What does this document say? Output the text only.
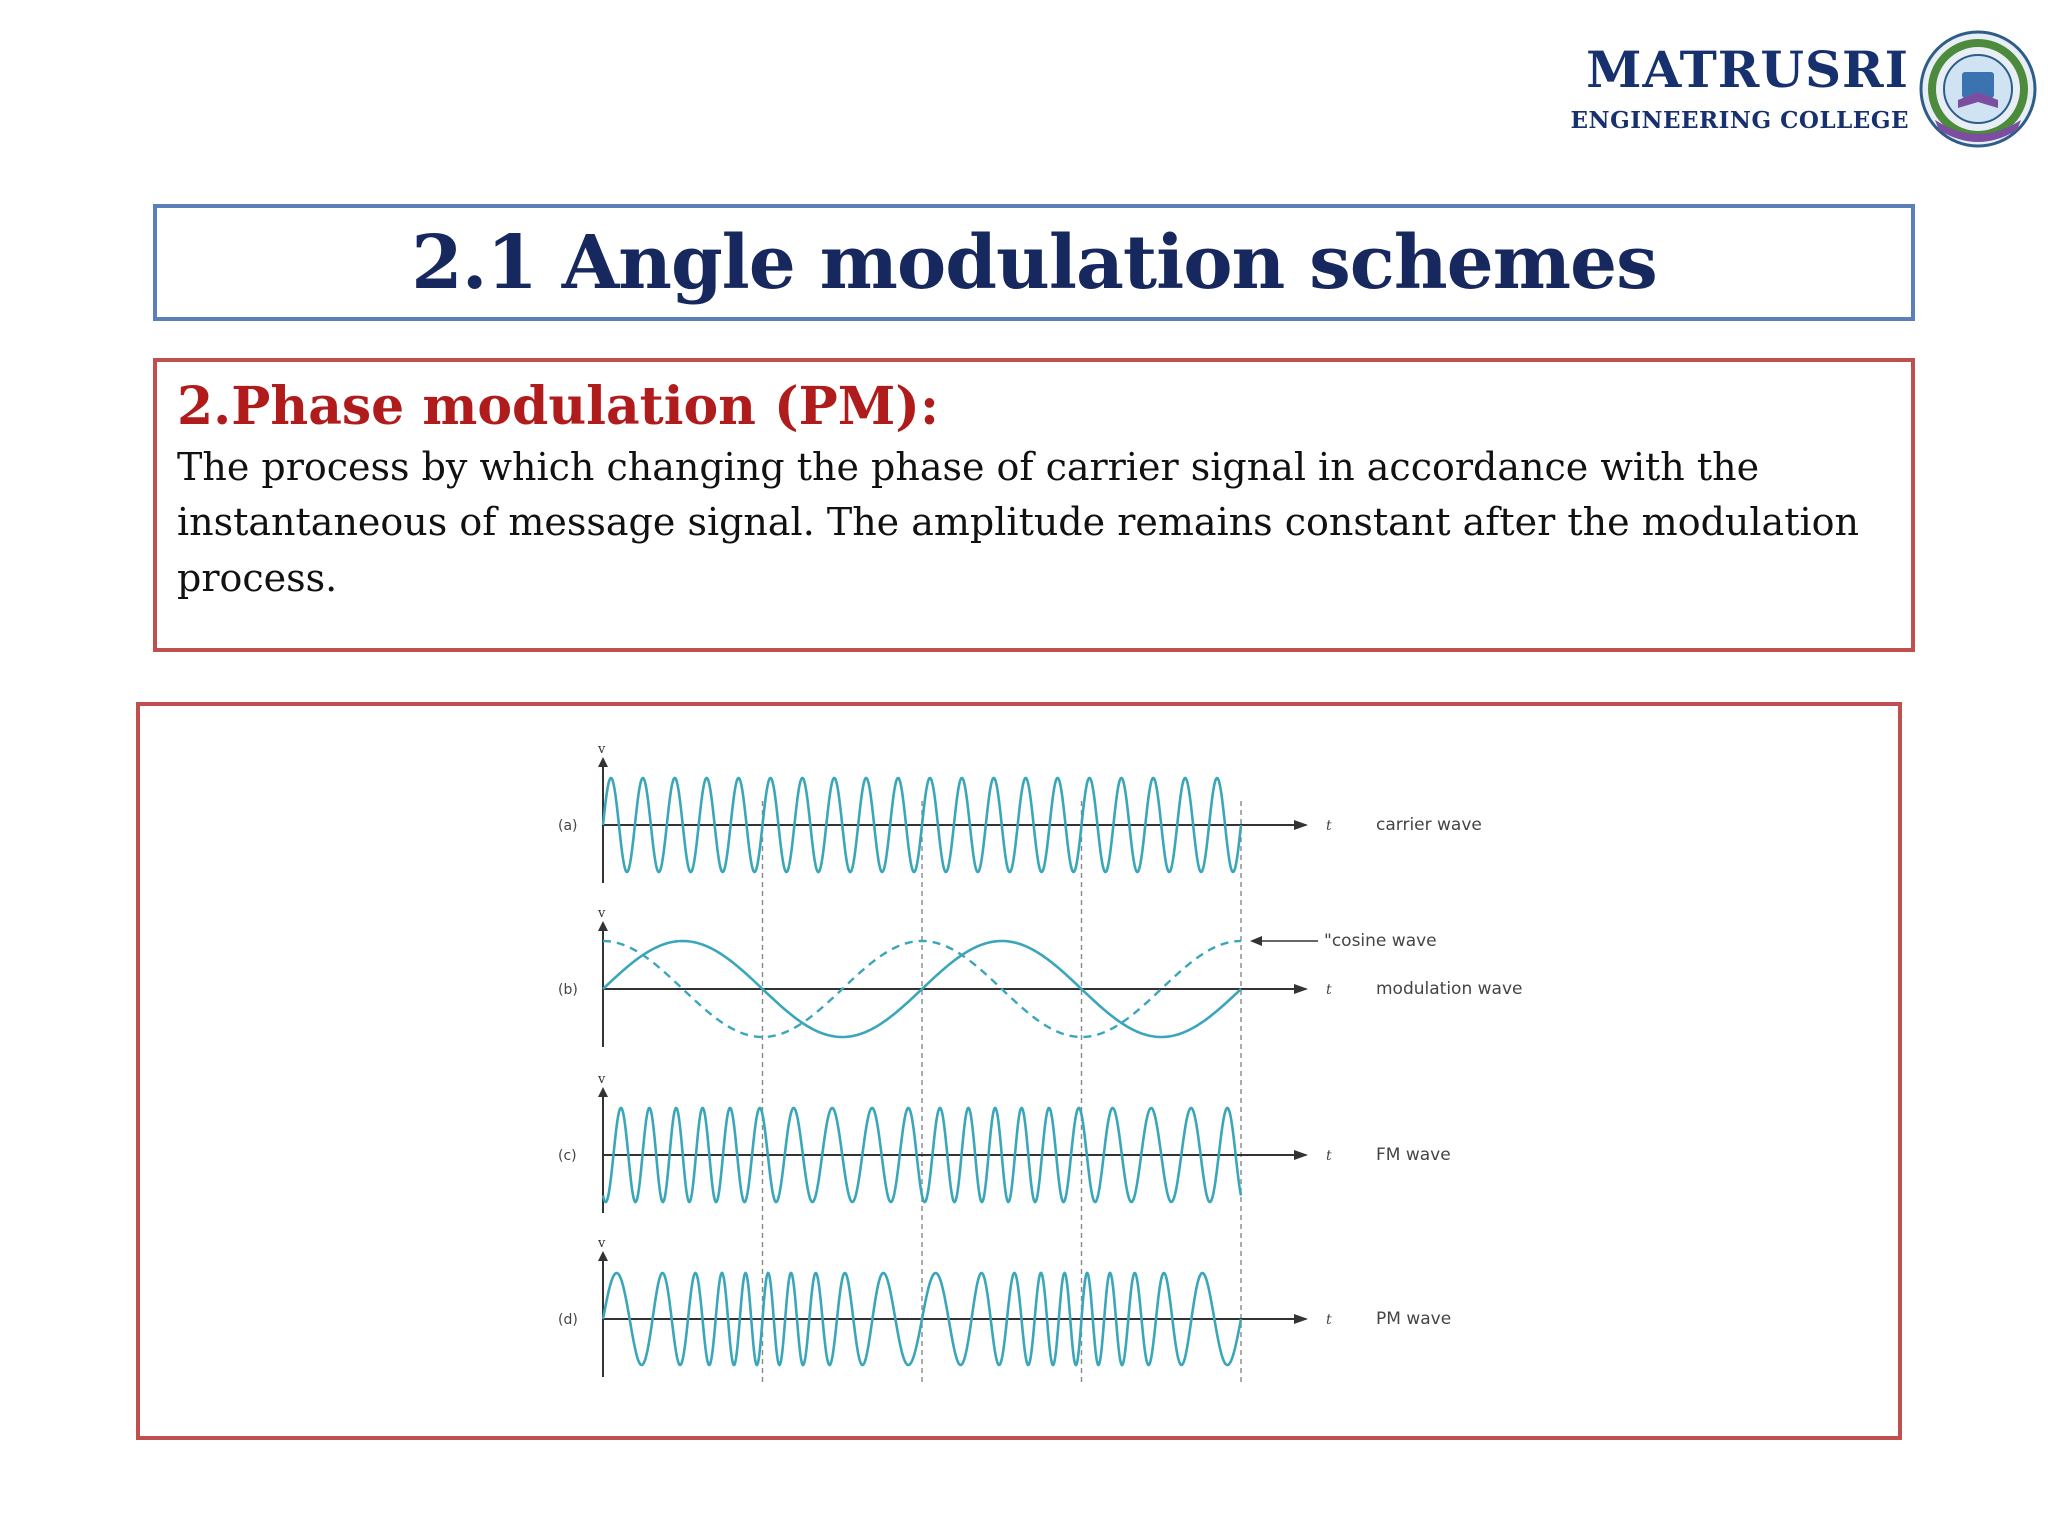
MATRUSRI
ENGINEERING COLLEGE
2.1 Angle modulation schemes
2.Phase modulation (PM):
The process by which changing the phase of carrier signal in accordance with the instantaneous of message signal. The amplitude remains constant after the modulation process.
v
t
(a)	carrier wave
v
t
(b)	modulation wave
"cosine wave
v
t
(c)	FM wave
v
t
(d)	PM wave
